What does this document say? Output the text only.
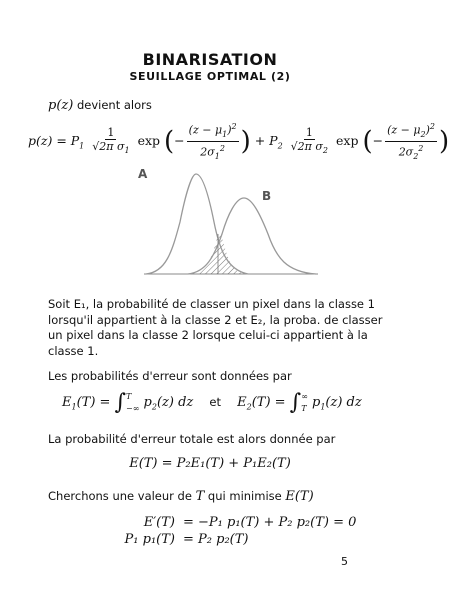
BINARISATION
SEUILLAGE OPTIMAL (2)
p(z) devient alors
$p(z) = P_1 \frac{1}{√2\pi \sigma_1}$ exp (− $\frac{(z - \mu_1)^2}{2\sigma_1^2}$ ) + $P_2 \frac{1}{√2\pi \sigma_2}$ exp (− $\frac{(z - \mu_2)^2}{2\sigma_2^2}$ )
A
B
Soit E₁, la probabilité de classer un pixel dans la classe 1 lorsqu'il appartient à la classe 2 et E₂, la proba. de classer un pixel dans la classe 2 lorsque celui-ci appartient à la classe 1.
Les probabilités d'erreur sont données par
$E_1(T)$ = ∫ T
−∞ $p_2(z)$ dz et $E_2(T)$ = ∫ ∞
T $p_1(z)$ dz
La probabilité d'erreur totale est alors donnée par
E(T) = P₂E₁(T) + P₁E₂(T)
Cherchons une valeur de T qui minimise E(T)
E′(T) = −P₁ p₁(T) + P₂ p₂(T) = 0
P₁ p₁(T) = P₂ p₂(T)
5
